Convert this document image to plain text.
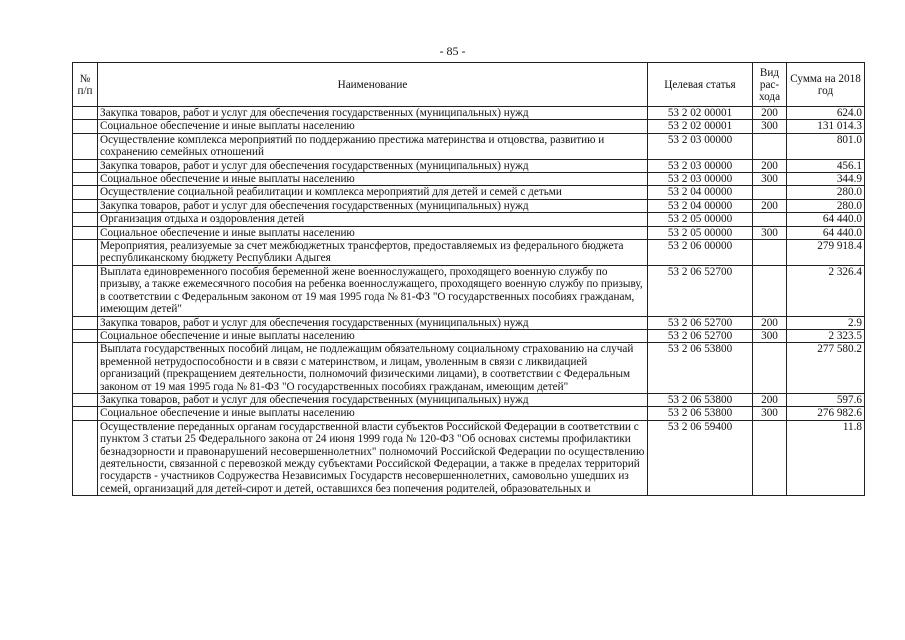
- 85 -
№ п/п	Наименование	Целевая статья	Вид рас-хода	Сумма на 2018 год
	Закупка товаров, работ и услуг для обеспечения государственных (муниципальных) нужд	53 2 02 00001	200	624.0
	Социальное обеспечение и иные выплаты населению	53 2 02 00001	300	131 014.3
	Осуществление комплекса мероприятий по поддержанию престижа материнства и отцовства, развитию и сохранению семейных отношений	53 2 03 00000		801.0
	Закупка товаров, работ и услуг для обеспечения государственных (муниципальных) нужд	53 2 03 00000	200	456.1
	Социальное обеспечение и иные выплаты населению	53 2 03 00000	300	344.9
	Осуществление социальной реабилитации и комплекса мероприятий для детей и семей с детьми	53 2 04 00000		280.0
	Закупка товаров, работ и услуг для обеспечения государственных (муниципальных) нужд	53 2 04 00000	200	280.0
	Организация отдыха и оздоровления детей	53 2 05 00000		64 440.0
	Социальное обеспечение и иные выплаты населению	53 2 05 00000	300	64 440.0
	Мероприятия, реализуемые за счет межбюджетных трансфертов, предоставляемых из федерального бюджета республиканскому бюджету Республики Адыгея	53 2 06 00000		279 918.4
	Выплата единовременного пособия беременной жене военнослужащего, проходящего военную службу по призыву, а также ежемесячного пособия на ребенка военнослужащего, проходящего военную службу по призыву, в соответствии с Федеральным законом от 19 мая 1995 года № 81-ФЗ "О государственных пособиях гражданам, имеющим детей"	53 2 06 52700		2 326.4
	Закупка товаров, работ и услуг для обеспечения государственных (муниципальных) нужд	53 2 06 52700	200	2.9
	Социальное обеспечение и иные выплаты населению	53 2 06 52700	300	2 323.5
	Выплата государственных пособий лицам, не подлежащим обязательному социальному страхованию на случай временной нетрудоспособности и в связи с материнством, и лицам, уволенным в связи с ликвидацией организаций (прекращением деятельности, полномочий физическими лицами), в соответствии с Федеральным законом от 19 мая 1995 года № 81-ФЗ "О государственных пособиях гражданам, имеющим детей"	53 2 06 53800		277 580.2
	Закупка товаров, работ и услуг для обеспечения государственных (муниципальных) нужд	53 2 06 53800	200	597.6
	Социальное обеспечение и иные выплаты населению	53 2 06 53800	300	276 982.6
	Осуществление переданных органам государственной власти субъектов Российской Федерации в соответствии с пунктом 3 статьи 25 Федерального закона от 24 июня 1999 года № 120-ФЗ "Об основах системы профилактики безнадзорности и правонарушений несовершеннолетних" полномочий Российской Федерации по осуществлению деятельности, связанной с перевозкой между субъектами Российской Федерации, а также в пределах территорий государств - участников Содружества Независимых Государств несовершеннолетних, самовольно ушедших из семей, организаций для детей-сирот и детей, оставшихся без попечения родителей, образовательных и	53 2 06 59400		11.8
